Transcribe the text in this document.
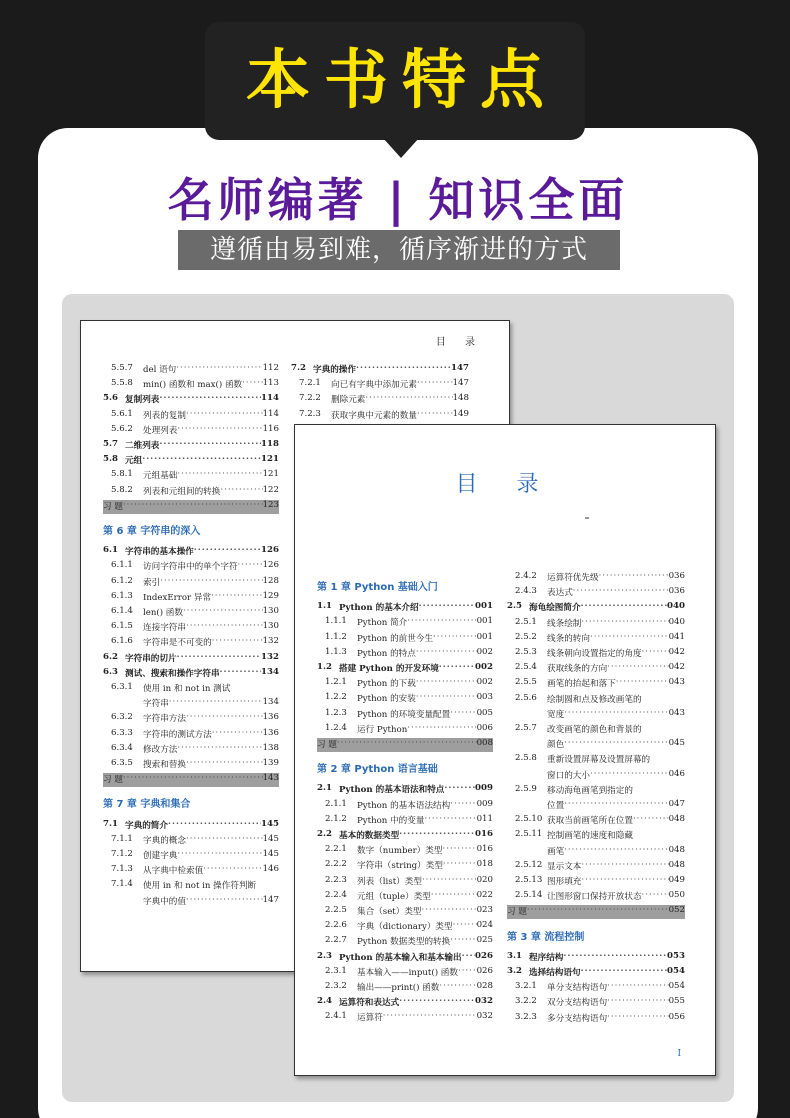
本书特点
名师编著 | 知识全面
遵循由易到难，循序渐进的方式
目 录
5.5.7	del 语句 ·····	112
5.5.8	min() 函数和 max() 函数 ····· 113
5.6 复制列表 ·····	114
5.6.1	列表的复制 ·····	114
5.6.2	处理列表 ·····	116
5.7 二维列表 ·····	118
5.8 元组 ·····	121
5.8.1	元组基础 ·····	121
5.8.2	列表和元组间的转换 ·····	122
习 题 ·····	123
第 6 章 字符串的深入
6.1 字符串的基本操作 ·····	126
6.1.1	访问字符串中的单个字符 ·····	126
6.1.2	索引 ·····	128
6.1.3	IndexError 异常 ·····	129
6.1.4	len() 函数 ·····	130
6.1.5	连接字符串 ·····	130
6.1.6	字符串是不可变的 ·····	132
6.2 字符串的切片 ·····	132
6.3 测试、搜索和操作字符串 ·····	134
6.3.1	使用 in 和 not in 测试
字符串 ·····	134
6.3.2	字符串方法 ·····	136
6.3.3	字符串的测试方法 ·····	136
6.3.4	修改方法 ·····	138
6.3.5	搜索和替换 ·····	139
习 题 ·····	143
第 7 章 字典和集合
7.1 字典的简介 ·····	145
7.1.1	字典的概念 ·····	145
7.1.2	创建字典 ·····	145
7.1.3	从字典中检索值 ·····	146
7.1.4	使用 in 和 not in 操作符判断
字典中的值 ·····	147
7.2 字典的操作 ·····	147
7.2.1	向已有字典中添加元素 ·····	147
7.2.2	删除元素 ·····	148
7.2.3	获取字典中元素的数量 ·····	149
目 录
第 1 章 Python 基础入门
1.1 Python 的基本介绍 ·····	001
1.1.1	Python 简介 ·····	001
1.1.2	Python 的前世今生 ·····	001
1.1.3	Python 的特点 ·····	002
1.2 搭建 Python 的开发环境 ·····	002
1.2.1	Python 的下载 ·····	002
1.2.2	Python 的安装 ·····	003
1.2.3	Python 的环境变量配置 ·····	005
1.2.4	运行 Python ·····	006
习 题 ·····	008
第 2 章 Python 语言基础
2.1 Python 的基本语法和特点 ·····	009
2.1.1	Python 的基本语法结构 ·····	009
2.1.2	Python 中的变量 ·····	011
2.2 基本的数据类型 ·····	016
2.2.1	数字（number）类型 ·····	016
2.2.2	字符串（string）类型 ·····	018
2.2.3	列表（list）类型 ·····	020
2.2.4	元组（tuple）类型 ·····	022
2.2.5	集合（set）类型 ·····	023
2.2.6	字典（dictionary）类型 ·····	024
2.2.7	Python 数据类型的转换 ·····	025
2.3 Python 的基本输入和基本输出 ····· 026
2.3.1	基本输入——input() 函数 ····· 026
2.3.2	输出——print() 函数 ·····	028
2.4 运算符和表达式 ·····	032
2.4.1	运算符 ·····	032
2.4.2	运算符优先级 ·····	036
2.4.3	表达式 ·····	036
2.5 海龟绘图简介 ·····	040
2.5.1	线条绘制 ·····	040
2.5.2	线条的转向 ·····	041
2.5.3	线条朝向设置指定的角度 ·····	042
2.5.4	获取线条的方向 ·····	042
2.5.5	画笔的抬起和落下 ·····	043
2.5.6	绘制圆和点及修改画笔的
宽度 ·····	043
2.5.7	改变画笔的颜色和背景的
颜色 ·····	045
2.5.8	重新设置屏幕及设置屏幕的
窗口的大小 ·····	046
2.5.9	移动海龟画笔到指定的
位置 ·····	047
2.5.10 获取当前画笔所在位置 ·····	048
2.5.11 控制画笔的速度和隐藏
画笔 ·····	048
2.5.12 显示文本 ·····	048
2.5.13 图形填充 ·····	049
2.5.14 让图形窗口保持开放状态 ·····	050
习 题 ·····	052
第 3 章 流程控制
3.1 程序结构 ·····	053
3.2 选择结构语句 ·····	054
3.2.1	单分支结构语句 ·····	054
3.2.2	双分支结构语句 ·····	055
3.2.3	多分支结构语句 ·····	056
I
